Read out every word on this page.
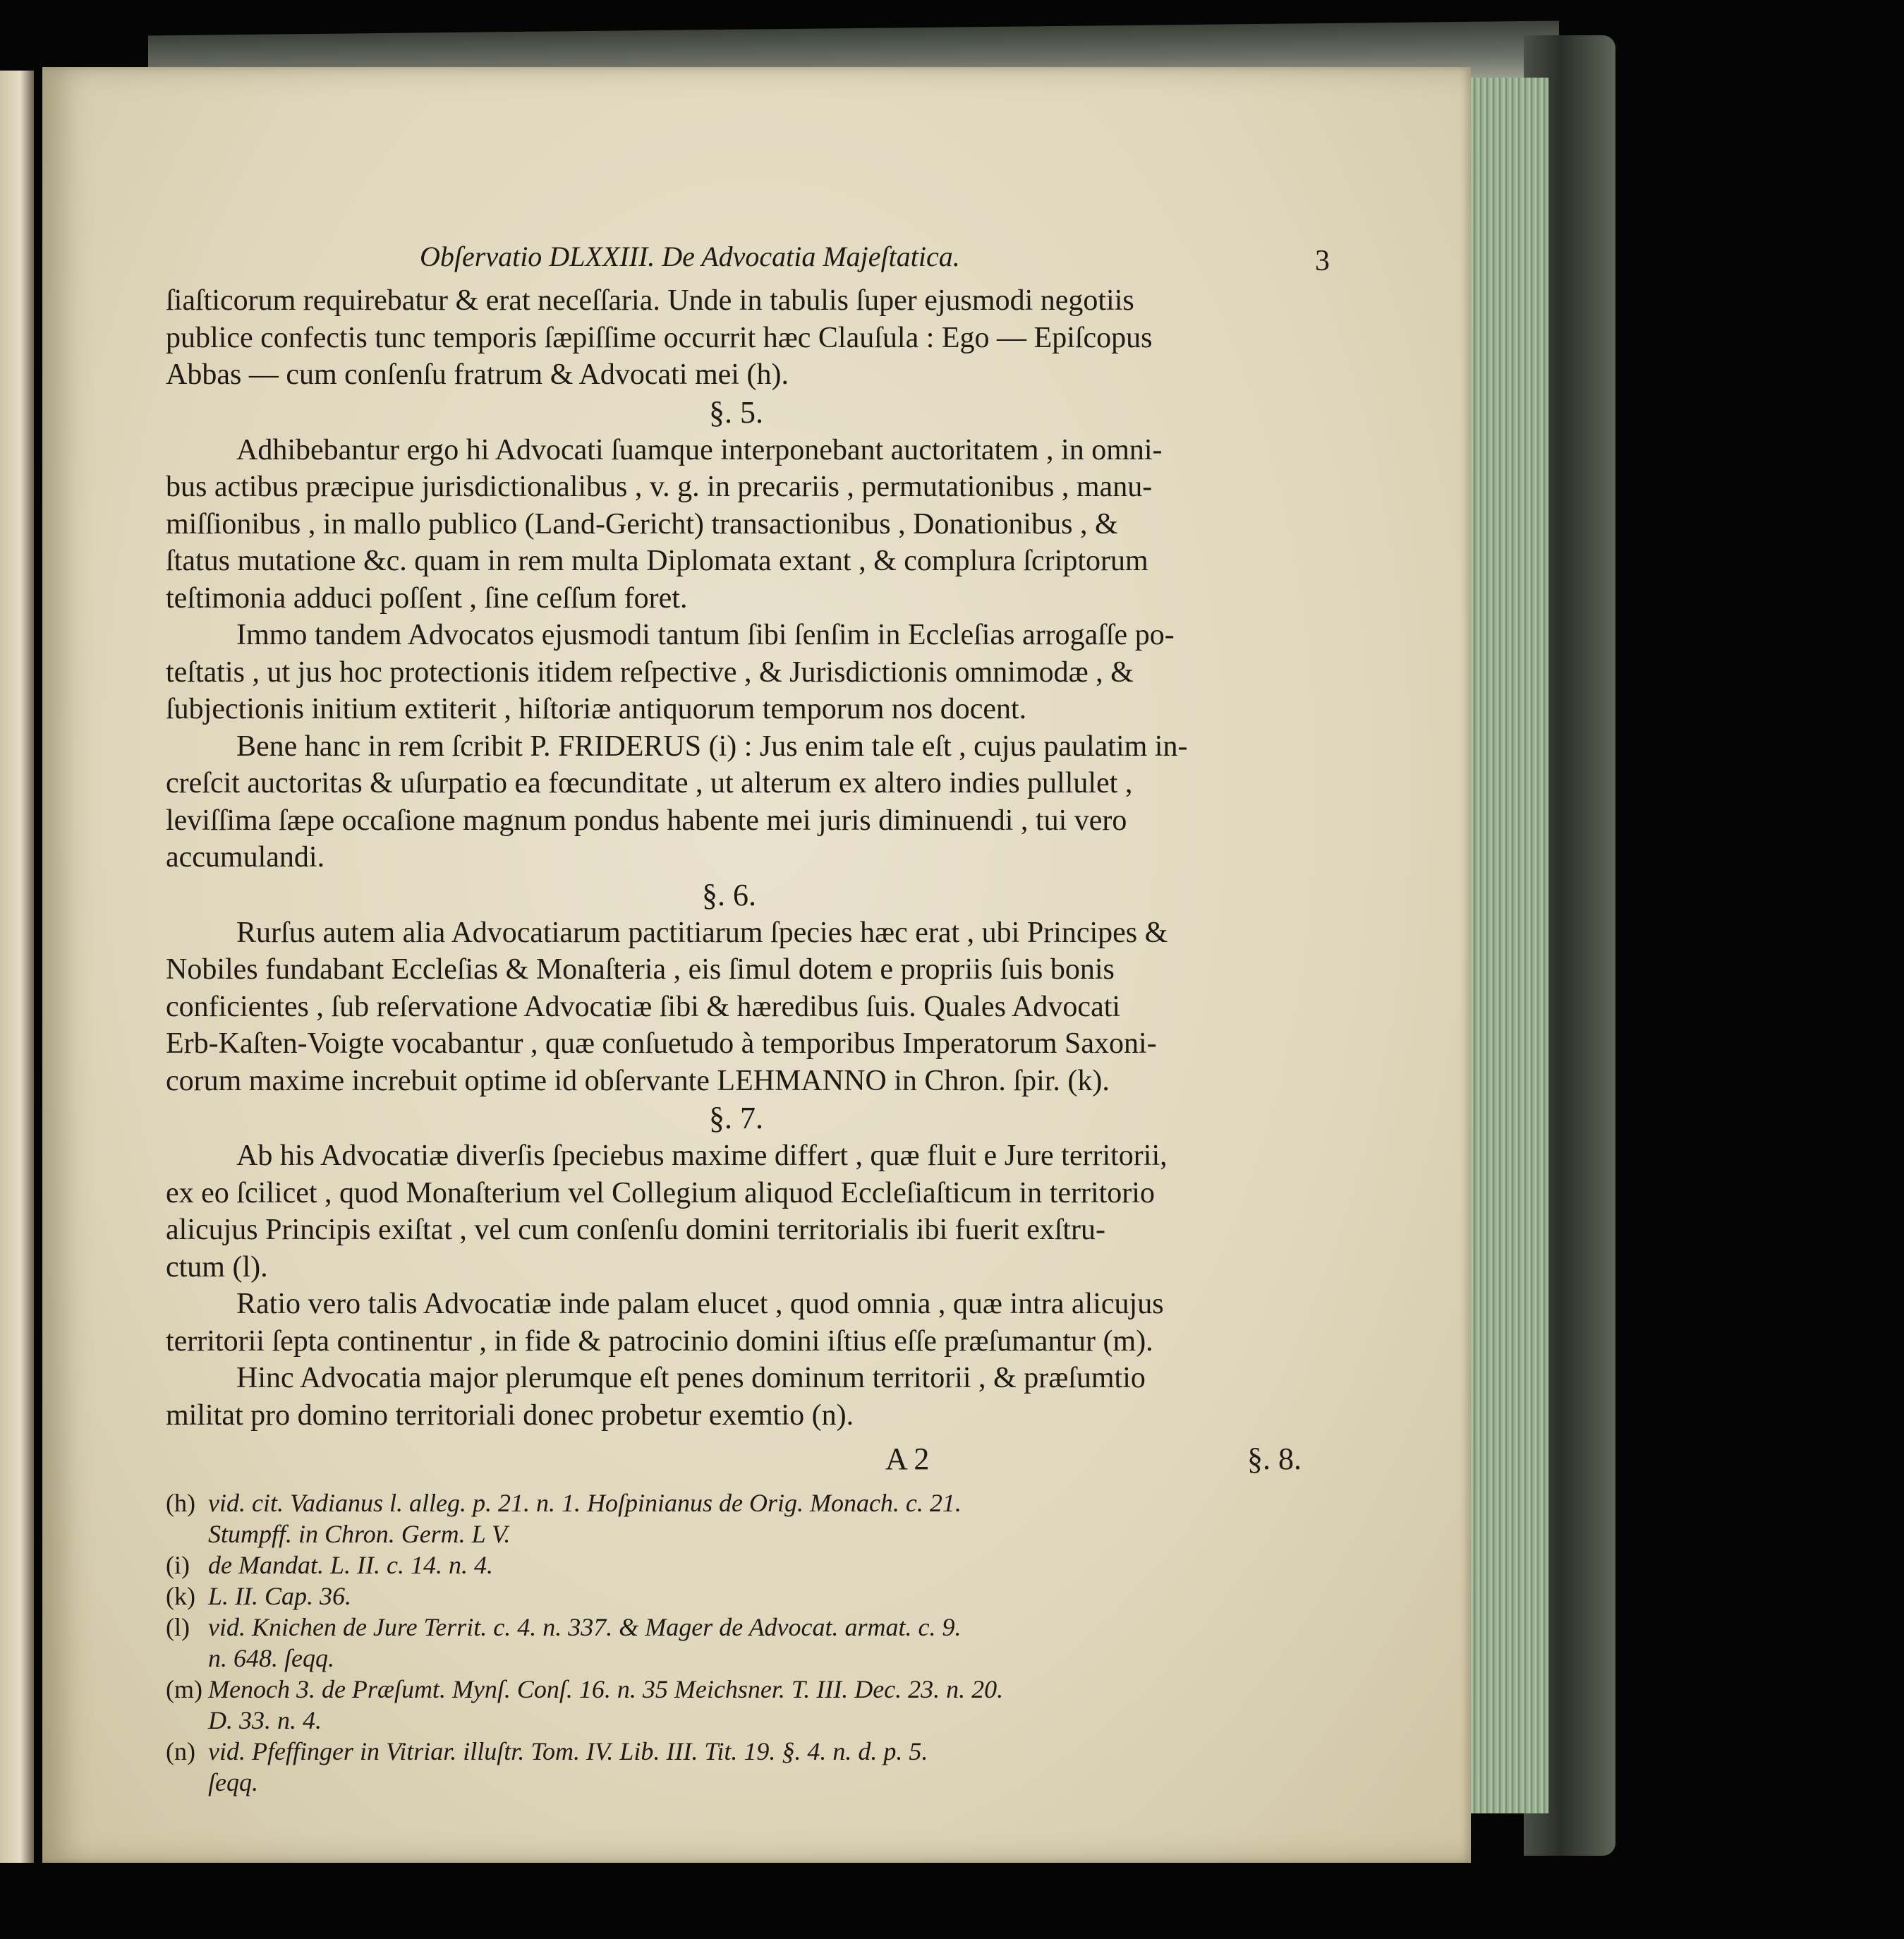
Obſervatio DLXXIII. De Advocatia Majeſtatica.	3

ſiaſticorum requirebatur & erat neceſſaria. Unde in tabulis ſuper ejusmodi negotiis
publice confectis tunc temporis ſæpiſſime occurrit hæc Clauſula : Ego — Epiſcopus
Abbas — cum conſenſu fratrum & Advocati mei (h).

§. 5.

Adhibebantur ergo hi Advocati ſuamque interponebant auctoritatem , in omni-
bus actibus præcipue jurisdictionalibus , v. g. in precariis , permutationibus , manu-
miſſionibus , in mallo publico (Land-Gericht) transactionibus , Donationibus , &
ſtatus mutatione &c. quam in rem multa Diplomata extant , & complura ſcriptorum
teſtimonia adduci poſſent , ſine ceſſum foret.

Immo tandem Advocatos ejusmodi tantum ſibi ſenſim in Eccleſias arrogaſſe po-
teſtatis , ut jus hoc protectionis itidem reſpective , & Jurisdictionis omnimodæ , &
ſubjectionis initium extiterit , hiſtoriæ antiquorum temporum nos docent.

Bene hanc in rem ſcribit P. FRIDERUS (i) : Jus enim tale eſt , cujus paulatim in-
creſcit auctoritas & uſurpatio ea fœcunditate , ut alterum ex altero indies pullulet ,
leviſſima ſæpe occaſione magnum pondus habente mei juris diminuendi , tui vero
accumulandi.

§. 6.

Rurſus autem alia Advocatiarum pactitiarum ſpecies hæc erat , ubi Principes &
Nobiles fundabant Eccleſias & Monaſteria , eis ſimul dotem e propriis ſuis bonis
conficientes , ſub reſervatione Advocatiæ ſibi & hæredibus ſuis. Quales Advocati
Erb-Kaſten-Voigte vocabantur , quæ conſuetudo à temporibus Imperatorum Saxoni-
corum maxime increbuit optime id obſervante LEHMANNO in Chron. ſpir. (k).

§. 7.

Ab his Advocatiæ diverſis ſpeciebus maxime differt , quæ fluit e Jure territorii,
ex eo ſcilicet , quod Monaſterium vel Collegium aliquod Eccleſiaſticum in territorio
alicujus Principis exiſtat , vel cum conſenſu domini territorialis ibi fuerit exſtru-
ctum (l).

Ratio vero talis Advocatiæ inde palam elucet , quod omnia , quæ intra alicujus
territorii ſepta continentur , in fide & patrocinio domini iſtius eſſe præſumantur (m).

Hinc Advocatia major plerumque eſt penes dominum territorii , & præſumtio
militat pro domino territoriali donec probetur exemtio (n).

A 2	§. 8.

(h) vid. cit. Vadianus l. alleg. p. 21. n. 1. Hoſpinianus de Orig. Monach. c. 21.

Stumpff. in Chron. Germ. L V.

(i) de Mandat. L. II. c. 14. n. 4.

(k) L. II. Cap. 36.

(l) vid. Knichen de Jure Territ. c. 4. n. 337. & Mager de Advocat. armat. c. 9.

n. 648. ſeqq.

(m) Menoch 3. de Præſumt. Mynſ. Conſ. 16. n. 35 Meichsner. T. III. Dec. 23. n. 20.

D. 33. n. 4.

(n) vid. Pfeffinger in Vitriar. illuſtr. Tom. IV. Lib. III. Tit. 19. §. 4. n. d. p. 5.

ſeqq.
